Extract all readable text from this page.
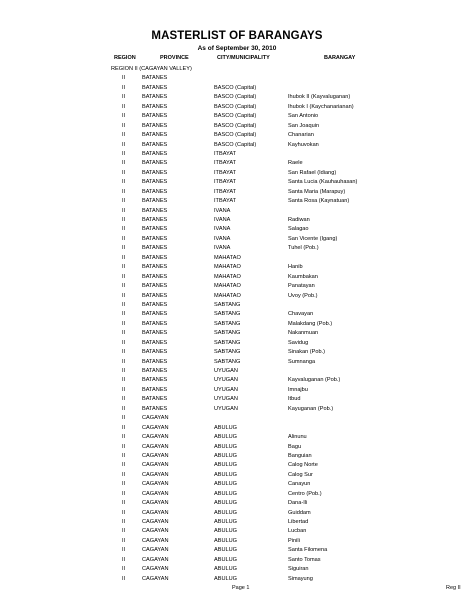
MASTERLIST OF BARANGAYS
As of September 30, 2010
REGION	PROVINCE	CITY/MUNICIPALITY	BARANGAY
REGION II (CAGAYAN VALLEY)
II	BATANES
II	BATANES	BASCO (Capital)
II	BATANES	BASCO (Capital)	Ihubok II (Kayvaluganan)
II	BATANES	BASCO (Capital)	Ihubok I (Kaychanarianan)
II	BATANES	BASCO (Capital)	San Antonio
II	BATANES	BASCO (Capital)	San Joaquin
II	BATANES	BASCO (Capital)	Chanarian
II	BATANES	BASCO (Capital)	Kayhuvokan
II	BATANES	ITBAYAT
II	BATANES	ITBAYAT	Raele
II	BATANES	ITBAYAT	San Rafael (Idiang)
II	BATANES	ITBAYAT	Santa Lucia (Kauhauhasan)
II	BATANES	ITBAYAT	Santa Maria (Marapuy)
II	BATANES	ITBAYAT	Santa Rosa (Kaynatuan)
II	BATANES	IVANA
II	BATANES	IVANA	Radiwan
II	BATANES	IVANA	Salagao
II	BATANES	IVANA	San Vicente (Igang)
II	BATANES	IVANA	Tuhel (Pob.)
II	BATANES	MAHATAO
II	BATANES	MAHATAO	Hanib
II	BATANES	MAHATAO	Kaumbakan
II	BATANES	MAHATAO	Panatayan
II	BATANES	MAHATAO	Uvoy (Pob.)
II	BATANES	SABTANG
II	BATANES	SABTANG	Chavayan
II	BATANES	SABTANG	Malakdang (Pob.)
II	BATANES	SABTANG	Nakanmuan
II	BATANES	SABTANG	Savidug
II	BATANES	SABTANG	Sinakan (Pob.)
II	BATANES	SABTANG	Sumnanga
II	BATANES	UYUGAN
II	BATANES	UYUGAN	Kayvaluganan (Pob.)
II	BATANES	UYUGAN	Imnajbu
II	BATANES	UYUGAN	Itbud
II	BATANES	UYUGAN	Kayuganan (Pob.)
II	CAGAYAN
II	CAGAYAN	ABULUG
II	CAGAYAN	ABULUG	Alinunu
II	CAGAYAN	ABULUG	Bagu
II	CAGAYAN	ABULUG	Banguian
II	CAGAYAN	ABULUG	Calog Norte
II	CAGAYAN	ABULUG	Calog Sur
II	CAGAYAN	ABULUG	Canayun
II	CAGAYAN	ABULUG	Centro (Pob.)
II	CAGAYAN	ABULUG	Dana-Ili
II	CAGAYAN	ABULUG	Guiddam
II	CAGAYAN	ABULUG	Libertad
II	CAGAYAN	ABULUG	Lucban
II	CAGAYAN	ABULUG	Pinili
II	CAGAYAN	ABULUG	Santa Filomena
II	CAGAYAN	ABULUG	Santo Tomas
II	CAGAYAN	ABULUG	Siguiran
II	CAGAYAN	ABULUG	Simayung
Page 1	Reg II
